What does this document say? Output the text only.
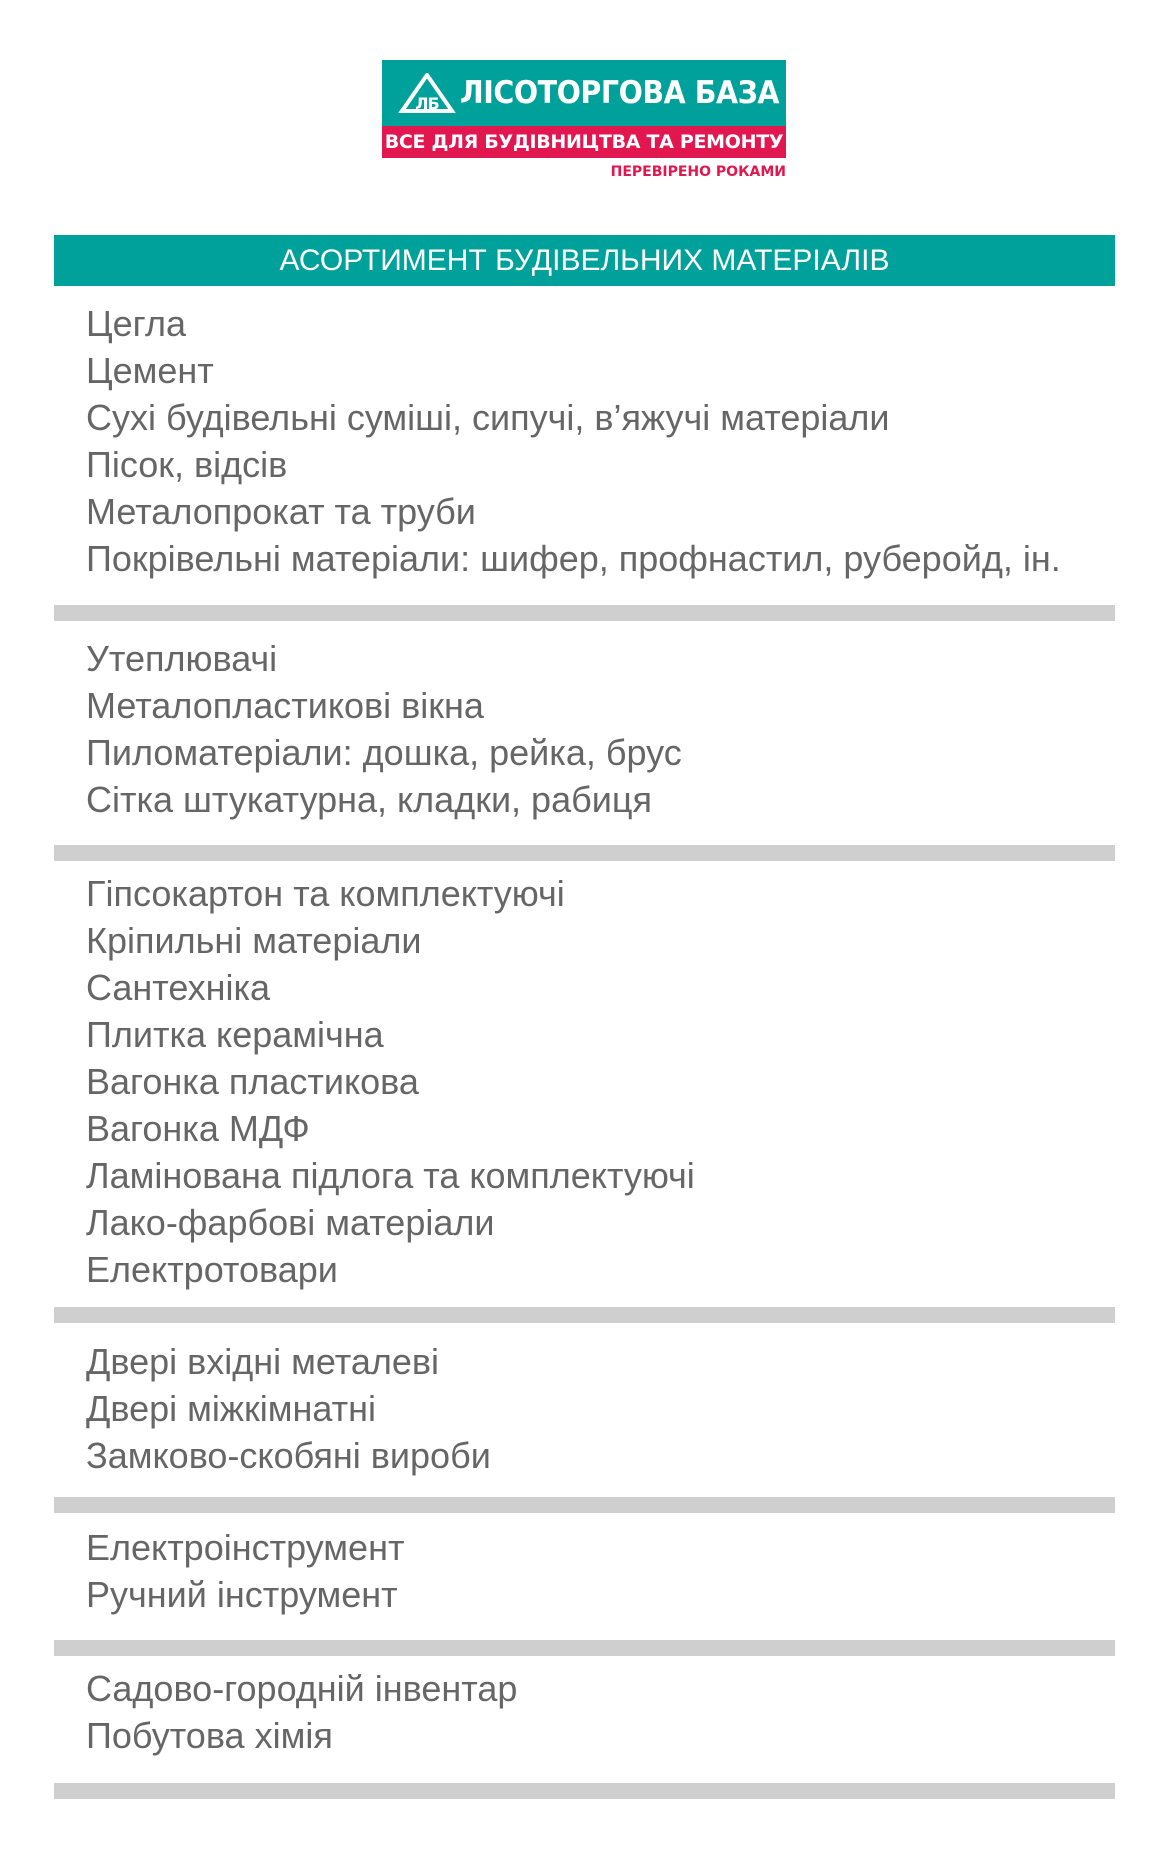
ЛБ ЛІСОТОРГОВА БАЗА
ВСЕ ДЛЯ БУДІВНИЦТВА ТА РЕМОНТУ
ПЕРЕВІРЕНО РОКАМИ
АСОРТИМЕНТ БУДІВЕЛЬНИХ МАТЕРІАЛІВ
Цегла
Цемент
Сухі будівельні суміші, сипучі, в’яжучі матеріали
Пісок, відсів
Металопрокат та труби
Покрівельні матеріали: шифер, профнастил, руберойд, ін.
Утеплювачі
Металопластикові вікна
Пиломатеріали: дошка, рейка, брус
Сітка штукатурна, кладки, рабиця
Гіпсокартон та комплектуючі
Кріпильні матеріали
Сантехніка
Плитка керамічна
Вагонка пластикова
Вагонка МДФ
Ламінована підлога та комплектуючі
Лако-фарбові матеріали
Електротовари
Двері вхідні металеві
Двері міжкімнатні
Замково-скобяні вироби
Електроінструмент
Ручний інструмент
Садово-городній інвентар
Побутова хімія
